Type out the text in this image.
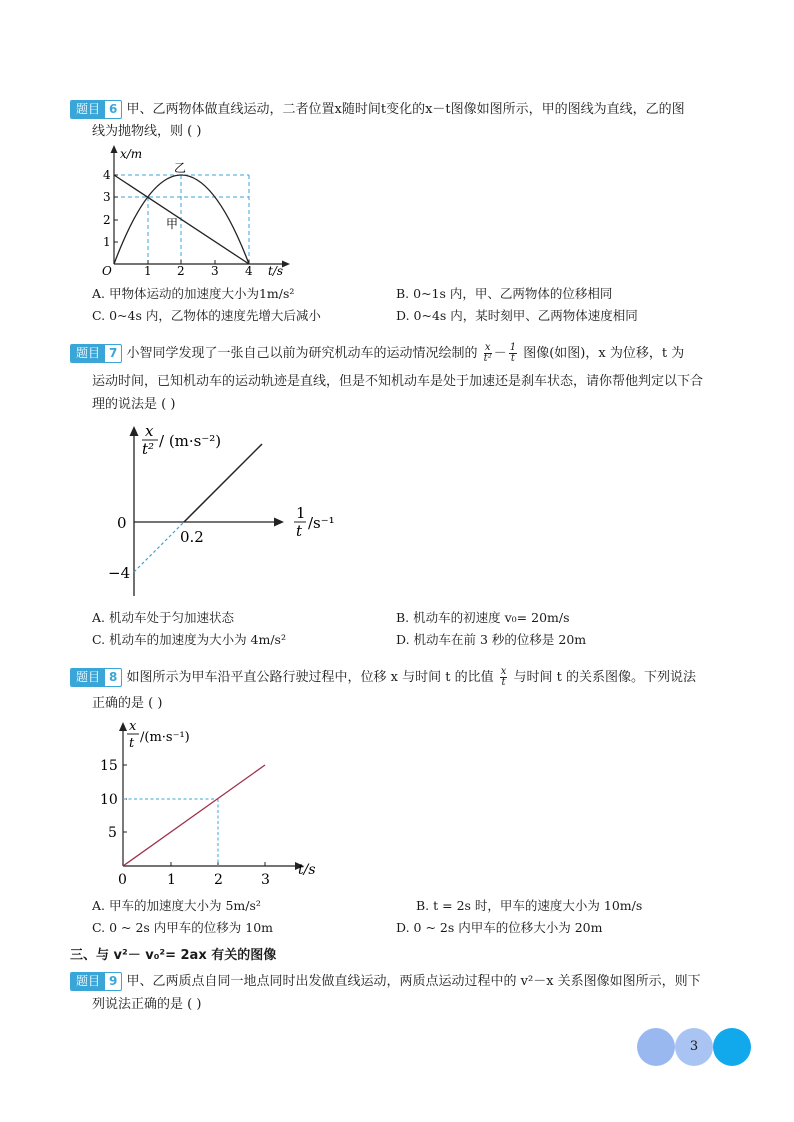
题目 6 甲、乙两物体做直线运动，二者位置x随时间t变化的x－t图像如图所示，甲的图线为直线，乙的图
线为抛物线，则 ( )
x/m
t/s
O
1
2
3
4
1 2 3 4
乙
甲
A. 甲物体运动的加速度大小为1m/s²	B. 0~1s 内，甲、乙两物体的位移相同
C. 0~4s 内，乙物体的速度先增大后减小	D. 0~4s 内，某时刻甲、乙两物体速度相同
题目 7 小智同学发现了一张自己以前为研究机动车的运动情况绘制的 $\frac{x}{\text{t²}} - \frac{1}{t}$ 图像(如图)，x 为位移，t 为
运动时间，已知机动车的运动轨迹是直线，但是不知机动车是处于加速还是刹车状态，请你帮他判定以下合
理的说法是 ( )
x
t² / (m·s⁻²)
1
t /s⁻¹
0
0.2
−4
A. 机动车处于匀加速状态	B. 机动车的初速度 v₀= 20m/s
C. 机动车的加速度为大小为 4m/s²	D. 机动车在前 3 秒的位移是 20m
题目 8 如图所示为甲车沿平直公路行驶过程中，位移 x 与时间 t 的比值 $\frac{x}{t}$ 与时间 t 的关系图像。下列说法
正确的是 ( )
x
t /(m·s⁻¹)
5
10
15
0	1	2	3
t/s
A. 甲车的加速度大小为 5m/s²	B. t = 2s 时，甲车的速度大小为 10m/s
C. 0 ~ 2s 内甲车的位移为 10m	D. 0 ~ 2s 内甲车的位移大小为 20m
三、与 v²－ v₀²= 2ax 有关的图像
题目 9 甲、乙两质点自同一地点同时出发做直线运动，两质点运动过程中的 v²－x 关系图像如图所示，则下
列说法正确的是 ( )
3
